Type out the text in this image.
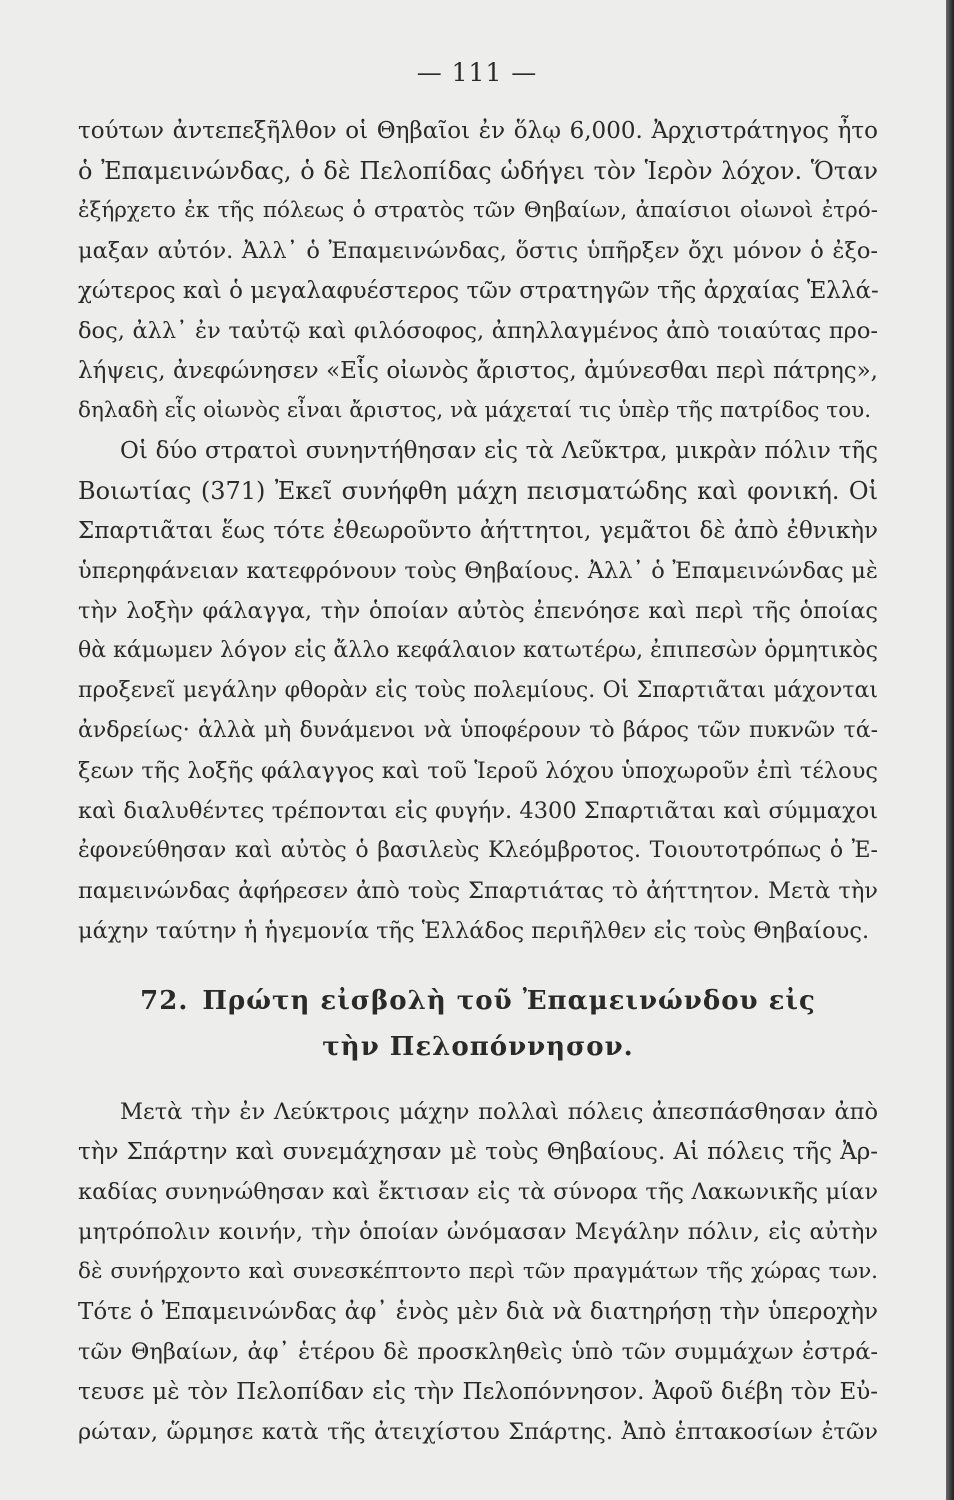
— 111 —
τούτων ἀντεπεξῆλθον οἱ Θηβαῖοι ἐν ὅλῳ 6,000. Ἀρχιστράτηγος ἦτο
ὁ Ἐπαμεινώνδας, ὁ δὲ Πελοπίδας ὡδήγει τὸν Ἱερὸν λόχον. Ὅταν
ἐξήρχετο ἐκ τῆς πόλεως ὁ στρατὸς τῶν Θηβαίων, ἀπαίσιοι οἰωνοὶ ἐτρό-
μαξαν αὐτόν. Ἀλλ᾽ ὁ Ἐπαμεινώνδας, ὅστις ὑπῆρξεν ὄχι μόνον ὁ ἐξο-
χώτερος καὶ ὁ μεγαλαφυέστερος τῶν στρατηγῶν τῆς ἀρχαίας Ἑλλά-
δος, ἀλλ᾽ ἐν ταὐτῷ καὶ φιλόσοφος, ἀπηλλαγμένος ἀπὸ τοιαύτας προ-
λήψεις, ἀνεφώνησεν «Εἷς οἰωνὸς ἄριστος, ἀμύνεσθαι περὶ πάτρης»,
δηλαδὴ εἷς οἰωνὸς εἶναι ἄριστος, νὰ μάχεταί τις ὑπὲρ τῆς πατρίδος του.
Οἱ δύο στρατοὶ συνηντήθησαν εἰς τὰ Λεῦκτρα, μικρὰν πόλιν τῆς
Βοιωτίας (371) Ἐκεῖ συνήφθη μάχη πεισματώδης καὶ φονική. Οἱ
Σπαρτιᾶται ἕως τότε ἐθεωροῦντο ἀήττητοι, γεμᾶτοι δὲ ἀπὸ ἐθνικὴν
ὑπερηφάνειαν κατεφρόνουν τοὺς Θηβαίους. Ἀλλ᾽ ὁ Ἐπαμεινώνδας μὲ
τὴν λοξὴν φάλαγγα, τὴν ὁποίαν αὐτὸς ἐπενόησε καὶ περὶ τῆς ὁποίας
θὰ κάμωμεν λόγον εἰς ἄλλο κεφάλαιον κατωτέρω, ἐπιπεσὼν ὁρμητικὸς
προξενεῖ μεγάλην φθορὰν εἰς τοὺς πολεμίους. Οἱ Σπαρτιᾶται μάχονται
ἀνδρείως· ἀλλὰ μὴ δυνάμενοι νὰ ὑποφέρουν τὸ βάρος τῶν πυκνῶν τά-
ξεων τῆς λοξῆς φάλαγγος καὶ τοῦ Ἱεροῦ λόχου ὑποχωροῦν ἐπὶ τέλους
καὶ διαλυθέντες τρέπονται εἰς φυγήν. 4300 Σπαρτιᾶται καὶ σύμμαχοι
ἐφονεύθησαν καὶ αὐτὸς ὁ βασιλεὺς Κλεόμβροτος. Τοιουτοτρόπως ὁ Ἐ-
παμεινώνδας ἀφήρεσεν ἀπὸ τοὺς Σπαρτιάτας τὸ ἀήττητον. Μετὰ τὴν
μάχην ταύτην ἡ ἡγεμονία τῆς Ἑλλάδος περιῆλθεν εἰς τοὺς Θηβαίους.
72. Πρώτη εἰσβολὴ τοῦ Ἐπαμεινώνδου εἰς
τὴν Πελοπόννησον.
Μετὰ τὴν ἐν Λεύκτροις μάχην πολλαὶ πόλεις ἀπεσπάσθησαν ἀπὸ
τὴν Σπάρτην καὶ συνεμάχησαν μὲ τοὺς Θηβαίους. Αἱ πόλεις τῆς Ἀρ-
καδίας συνηνώθησαν καὶ ἔκτισαν εἰς τὰ σύνορα τῆς Λακωνικῆς μίαν
μητρόπολιν κοινήν, τὴν ὁποίαν ὠνόμασαν Μεγάλην πόλιν, εἰς αὐτὴν
δὲ συνήρχοντο καὶ συνεσκέπτοντο περὶ τῶν πραγμάτων τῆς χώρας των.
Τότε ὁ Ἐπαμεινώνδας ἀφ᾽ ἑνὸς μὲν διὰ νὰ διατηρήσῃ τὴν ὑπεροχὴν
τῶν Θηβαίων, ἀφ᾽ ἑτέρου δὲ προσκληθεὶς ὑπὸ τῶν συμμάχων ἐστρά-
τευσε μὲ τὸν Πελοπίδαν εἰς τὴν Πελοπόννησον. Ἀφοῦ διέβη τὸν Εὐ-
ρώταν, ὥρμησε κατὰ τῆς ἀτειχίστου Σπάρτης. Ἀπὸ ἑπτακοσίων ἐτῶν
